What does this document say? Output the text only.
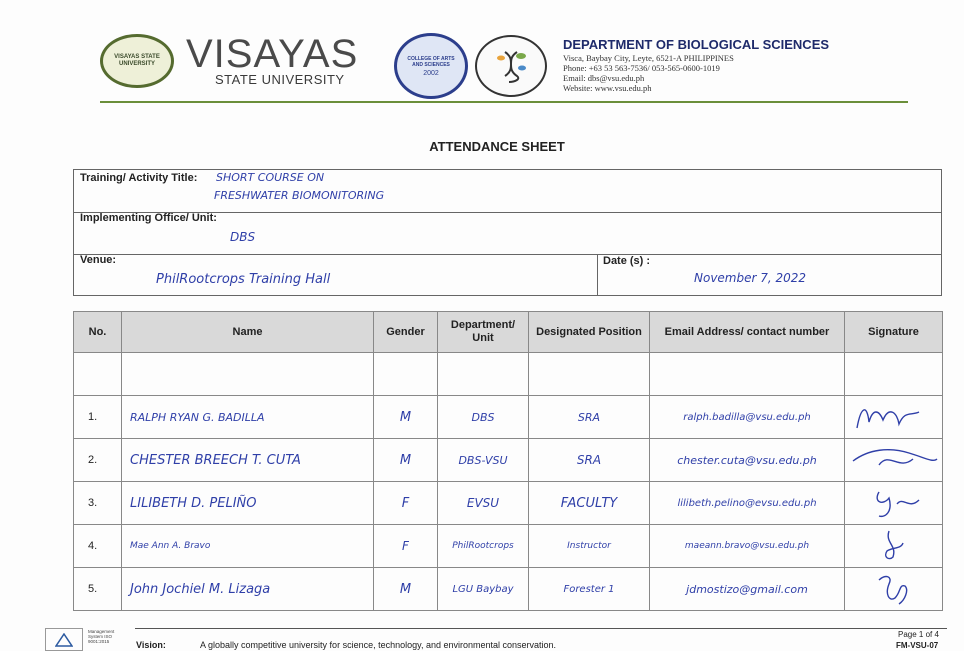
VISAYAS STATE UNIVERSITY VISAYAS
STATE UNIVERSITY
COLLEGE OF ARTS AND SCIENCES
2002
DEPARTMENT OF BIOLOGICAL SCIENCES
Visca, Baybay City, Leyte, 6521-A PHILIPPINES
Phone: +63 53 563-7536/ 053-565-0600-1019
Email: dbs@vsu.edu.ph
Website: www.vsu.edu.ph
ATTENDANCE SHEET
Training/ Activity Title: SHORT COURSE ON
FRESHWATER BIOMONITORING
Implementing Office/ Unit:
DBS
Venue:
PhilRootcrops Training Hall
Date (s) :
November 7, 2022
No.	Name	Gender	Department/ Unit	Designated Position	Email Address/ contact number	Signature

1.	RALPH RYAN G. BADILLA	M	DBS	SRA	ralph.badilla@vsu.edu.ph	
2.	CHESTER BREECH T. CUTA	M	DBS-VSU	SRA	chester.cuta@vsu.edu.ph	
3.	LILIBETH D. PELIÑO	F	EVSU	FACULTY	lilibeth.pelino@evsu.edu.ph	
4.	Mae Ann A. Bravo	F	PhilRootcrops	Instructor	maeann.bravo@vsu.edu.ph	
5.	John Jochiel M. Lizaga	M	LGU Baybay	Forester 1	jdmostizo@gmail.com	
Management System ISO 9001:2015	Vision:	A globally competitive university for science, technology, and environmental conservation.
Page 1 of 4
FM-VSU-07
